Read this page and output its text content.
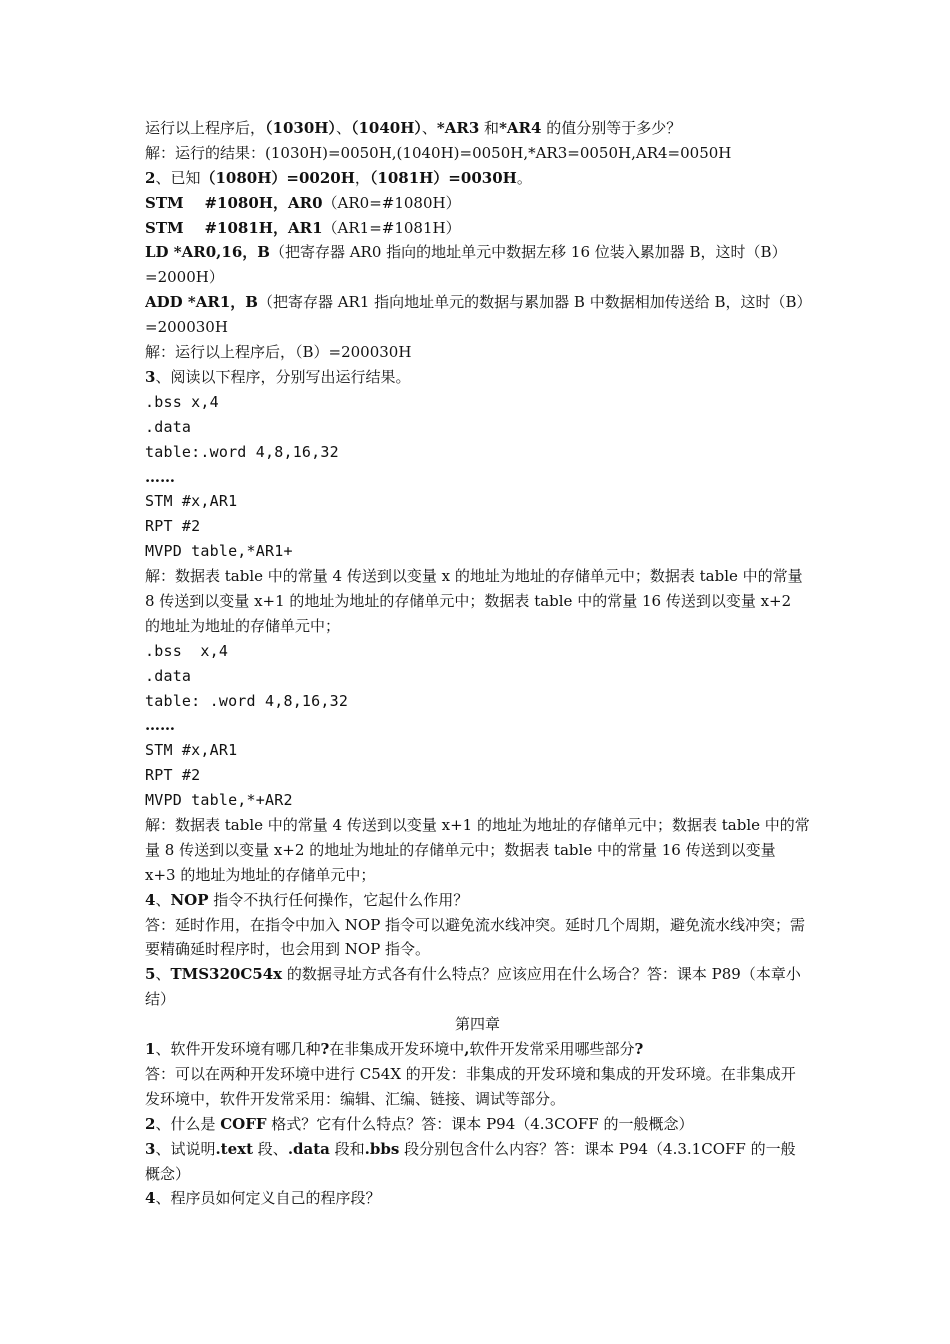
运行以上程序后，（1030H）、（1040H）、*AR3 和*AR4 的值分别等于多少？
解：运行的结果：(1030H)=0050H,(1040H)=0050H,*AR3=0050H,AR4=0050H
2、已知（1080H）=0020H，（1081H）=0030H。
STM    #1080H，AR0（AR0=#1080H）
STM    #1081H，AR1（AR1=#1081H）
LD *AR0,16，B（把寄存器 AR0 指向的地址单元中数据左移 16 位装入累加器 B，这时（B）=2000H）
ADD *AR1，B（把寄存器 AR1 指向地址单元的数据与累加器 B 中数据相加传送给 B，这时（B）=200030H
解：运行以上程序后，（B）=200030H
3、阅读以下程序，分别写出运行结果。
.bss x,4
.data
table:.word 4,8,16,32
……
STM #x,AR1
RPT #2
MVPD table,*AR1+
解：数据表 table 中的常量 4 传送到以变量 x 的地址为地址的存储单元中；数据表 table 中的常量 8 传送到以变量 x+1 的地址为地址的存储单元中；数据表 table 中的常量 16 传送到以变量 x+2 的地址为地址的存储单元中；
.bss  x,4
.data
table: .word 4,8,16,32
……
STM #x,AR1
RPT #2
MVPD table,*+AR2
解：数据表 table 中的常量 4 传送到以变量 x+1 的地址为地址的存储单元中；数据表 table 中的常量 8 传送到以变量 x+2 的地址为地址的存储单元中；数据表 table 中的常量 16 传送到以变量 x+3 的地址为地址的存储单元中；
4、NOP 指令不执行任何操作，它起什么作用？
答：延时作用，在指令中加入 NOP 指令可以避免流水线冲突。延时几个周期，避免流水线冲突；需要精确延时程序时，也会用到 NOP 指令。
5、TMS320C54x 的数据寻址方式各有什么特点？应该应用在什么场合？答：课本 P89（本章小结）
第四章
1、软件开发环境有哪几种?在非集成开发环境中,软件开发常采用哪些部分?
答：可以在两种开发环境中进行 C54X 的开发：非集成的开发环境和集成的开发环境。在非集成开发环境中，软件开发常采用：编辑、汇编、链接、调试等部分。
2、什么是 COFF 格式？它有什么特点？答：课本 P94（4.3COFF 的一般概念）
3、试说明.text 段、.data 段和.bbs 段分别包含什么内容？答：课本 P94（4.3.1COFF 的一般概念）
4、程序员如何定义自己的程序段？
